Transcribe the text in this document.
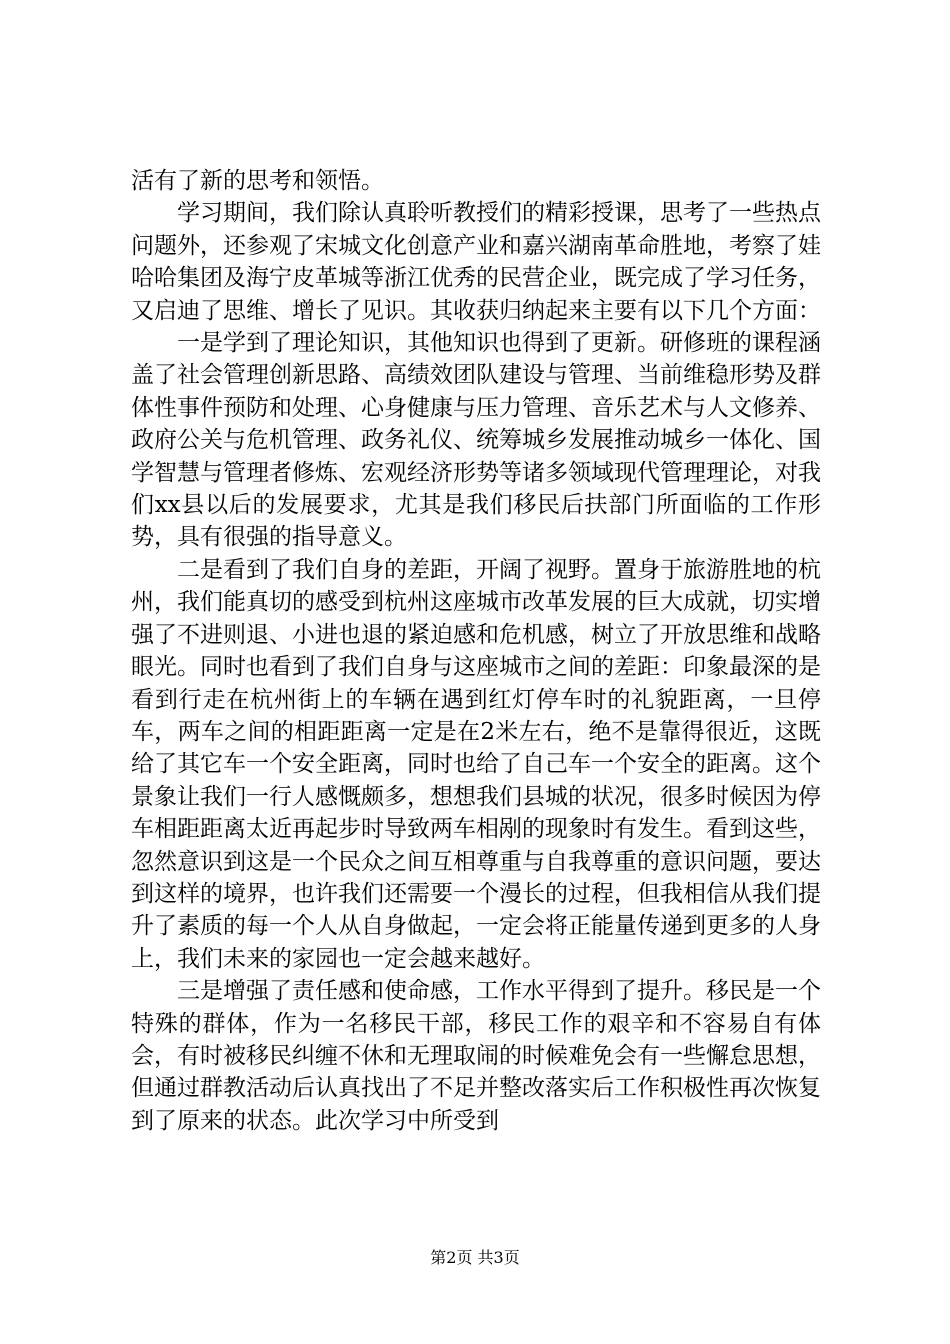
活有了新的思考和领悟。

学习期间，我们除认真聆听教授们的精彩授课，思考了一些热点问题外，还参观了宋城文化创意产业和嘉兴湖南革命胜地，考察了娃哈哈集团及海宁皮革城等浙江优秀的民营企业，既完成了学习任务，又启迪了思维、增长了见识。其收获归纳起来主要有以下几个方面：

一是学到了理论知识，其他知识也得到了更新。研修班的课程涵盖了社会管理创新思路、高绩效团队建设与管理、当前维稳形势及群体性事件预防和处理、心身健康与压力管理、音乐艺术与人文修养、政府公关与危机管理、政务礼仪、统筹城乡发展推动城乡一体化、国学智慧与管理者修炼、宏观经济形势等诸多领域现代管理理论，对我们xx县以后的发展要求，尤其是我们移民后扶部门所面临的工作形势，具有很强的指导意义。

二是看到了我们自身的差距，开阔了视野。置身于旅游胜地的杭州，我们能真切的感受到杭州这座城市改革发展的巨大成就，切实增强了不进则退、小进也退的紧迫感和危机感，树立了开放思维和战略眼光。同时也看到了我们自身与这座城市之间的差距：印象最深的是看到行走在杭州街上的车辆在遇到红灯停车时的礼貌距离，一旦停车，两车之间的相距距离一定是在2米左右，绝不是靠得很近，这既给了其它车一个安全距离，同时也给了自己车一个安全的距离。这个景象让我们一行人感慨颇多，想想我们县城的状况，很多时候因为停车相距距离太近再起步时导致两车相剐的现象时有发生。看到这些，忽然意识到这是一个民众之间互相尊重与自我尊重的意识问题，要达到这样的境界，也许我们还需要一个漫长的过程，但我相信从我们提升了素质的每一个人从自身做起，一定会将正能量传递到更多的人身上，我们未来的家园也一定会越来越好。

三是增强了责任感和使命感，工作水平得到了提升。移民是一个特殊的群体，作为一名移民干部，移民工作的艰辛和不容易自有体会，有时被移民纠缠不休和无理取闹的时候难免会有一些懈怠思想，但通过群教活动后认真找出了不足并整改落实后工作积极性再次恢复到了原来的状态。此次学习中所受到

第2页 共3页
